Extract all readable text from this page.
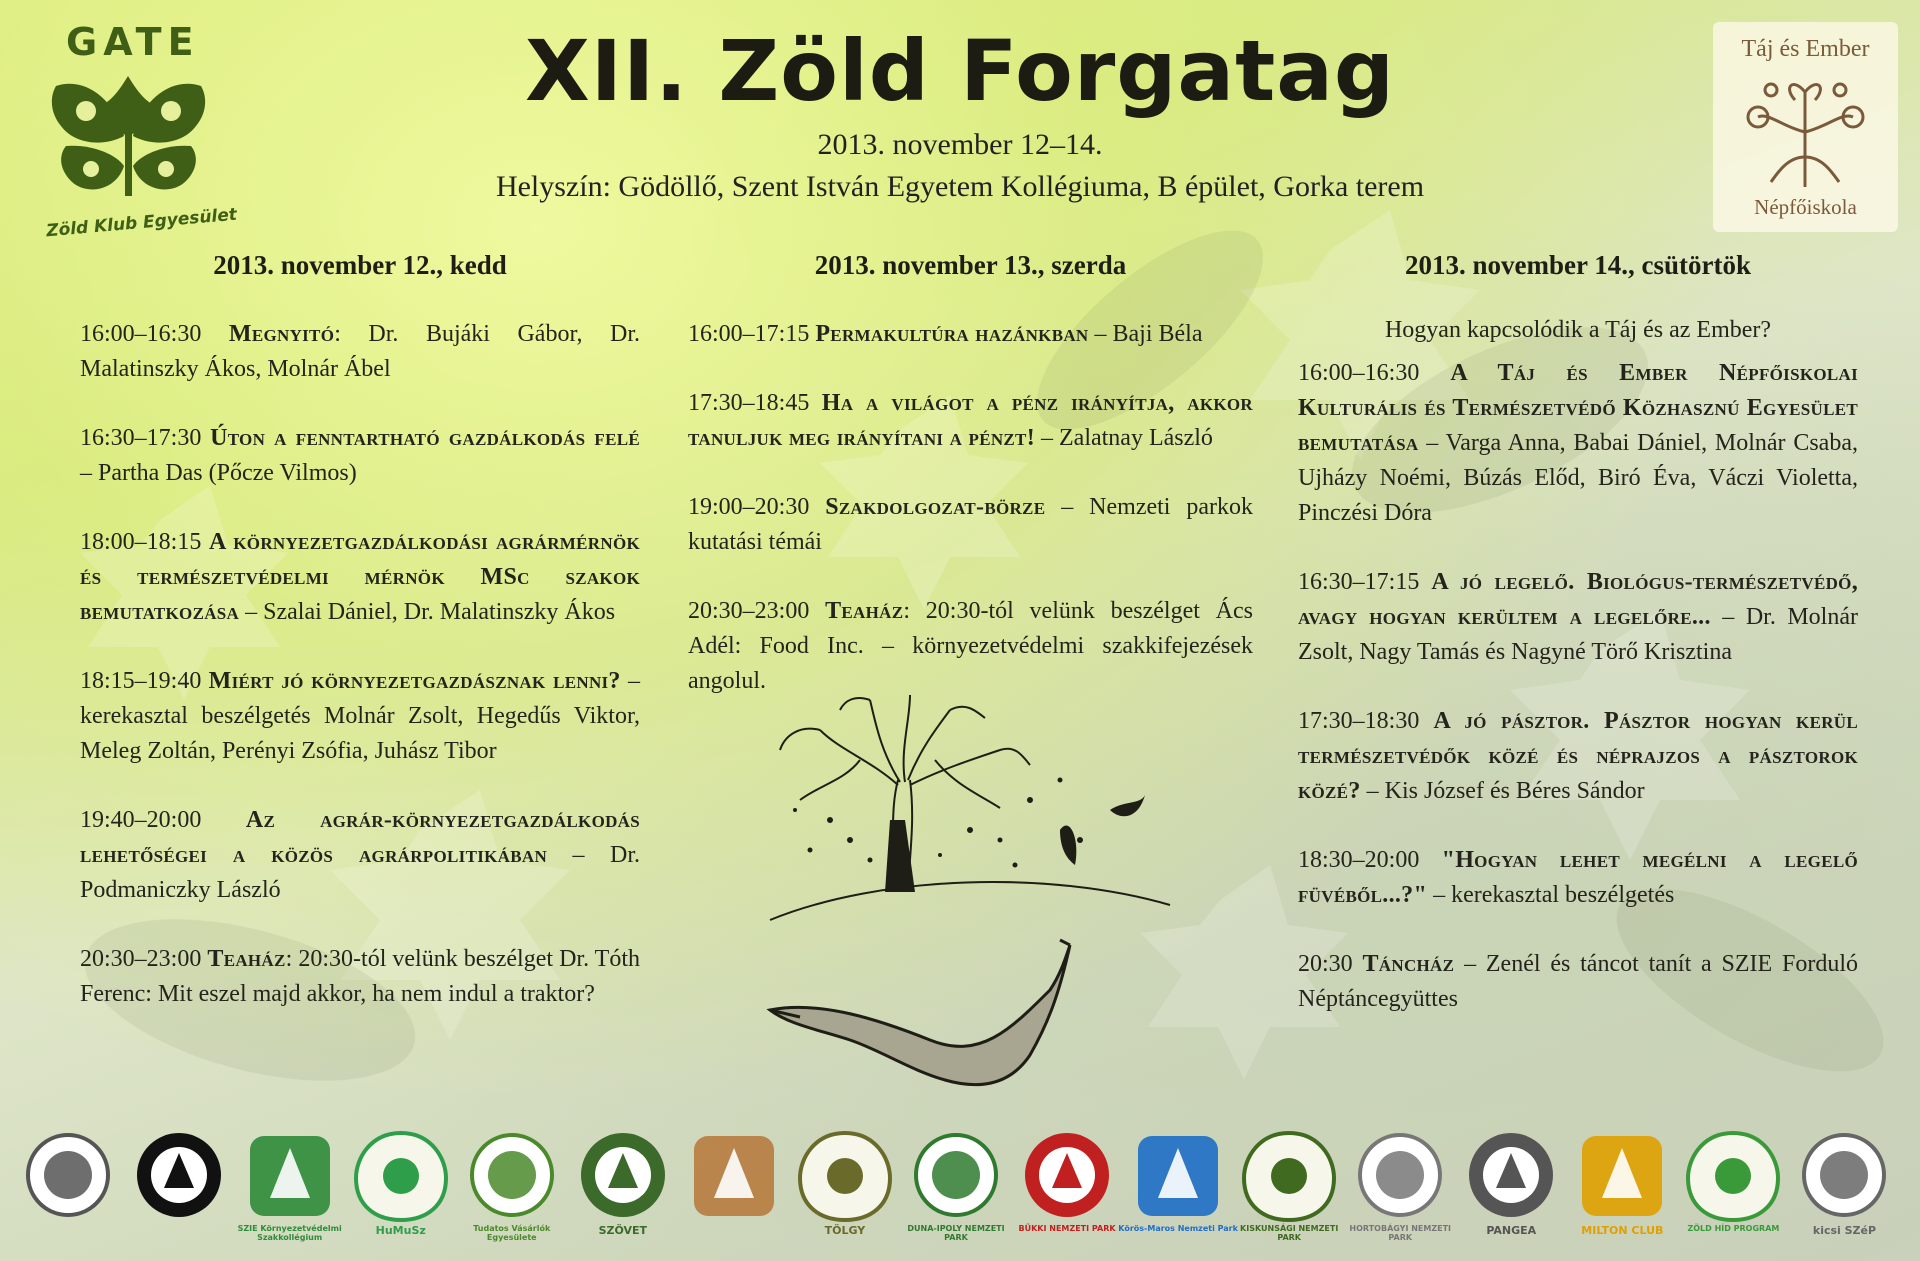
GATE
Zöld Klub Egyesület
Táj és Ember
Népfőiskola
XII. Zöld Forgatag
2013. november 12–14.
Helyszín: Gödöllő, Szent István Egyetem Kollégiuma, B épület, Gorka terem
2013. november 12., kedd

16:00–16:30 Megnyitó: Dr. Bujáki Gábor, Dr. Malatinszky Ákos, Molnár Ábel

16:30–17:30 Úton a fenntartható gazdálkodás felé – Partha Das (Pőcze Vilmos)

18:00–18:15 A környezetgazdálkodási agrármérnök és természetvédelmi mérnök MSc szakok bemutatkozása – Szalai Dániel, Dr. Malatinszky Ákos

18:15–19:40 Miért jó környezetgazdásznak lenni? – kerekasztal beszélgetés Molnár Zsolt, Hegedűs Viktor, Meleg Zoltán, Perényi Zsófia, Juhász Tibor

19:40–20:00 Az agrár-környezetgazdálkodás lehetőségei a közös agrárpolitikában – Dr. Podmaniczky László

20:30–23:00 Teaház: 20:30-tól velünk beszélget Dr. Tóth Ferenc: Mit eszel majd akkor, ha nem indul a traktor?

2013. november 13., szerda

16:00–17:15 Permakultúra hazánkban – Baji Béla

17:30–18:45 Ha a világot a pénz irányítja, akkor tanuljuk meg irányítani a pénzt! – Zalatnay László

19:00–20:30 Szakdolgozat-börze – Nemzeti parkok kutatási témái

20:30–23:00 Teaház: 20:30-tól velünk beszélget Ács Adél: Food Inc. – környezetvédelmi szakkifejezések angolul.

2013. november 14., csütörtök
Hogyan kapcsolódik a Táj és az Ember?

16:00–16:30 A Táj és Ember Népfőiskolai Kulturális és Természetvédő Közhasznú Egyesület bemutatása – Varga Anna, Babai Dániel, Molnár Csaba, Ujházy Noémi, Búzás Előd, Biró Éva, Váczi Violetta, Pinczési Dóra

16:30–17:15 A jó legelő. Biológus-természetvédő, avagy hogyan kerültem a legelőre... – Dr. Molnár Zsolt, Nagy Tamás és Nagyné Törő Krisztina

17:30–18:30 A jó pásztor. Pásztor hogyan kerül természetvédők közé és néprajzos a pásztorok közé? – Kis József és Béres Sándor

18:30–20:00 "Hogyan lehet megélni a legelő füvéből...?" – kerekasztal beszélgetés

20:30 Táncház – Zenél és táncot tanít a SZIE Forduló Néptáncegyüttes

SZIE Környezetvédelmi Szakkollégium
HuMuSz	Tudatos Vásárlók Egyesülete
SZÖVET	TÖLGY	DUNA-IPOLY NEMZETI PARK
BÜKKI NEMZETI PARK Körös-Maros Nemzeti Park KISKUNSÁGI NEMZETI PARK
HORTOBÁGYI NEMZETI PARK
PANGEA	MILTON CLUB	ZÖLD HÍD PROGRAM	kicsi SZéP
